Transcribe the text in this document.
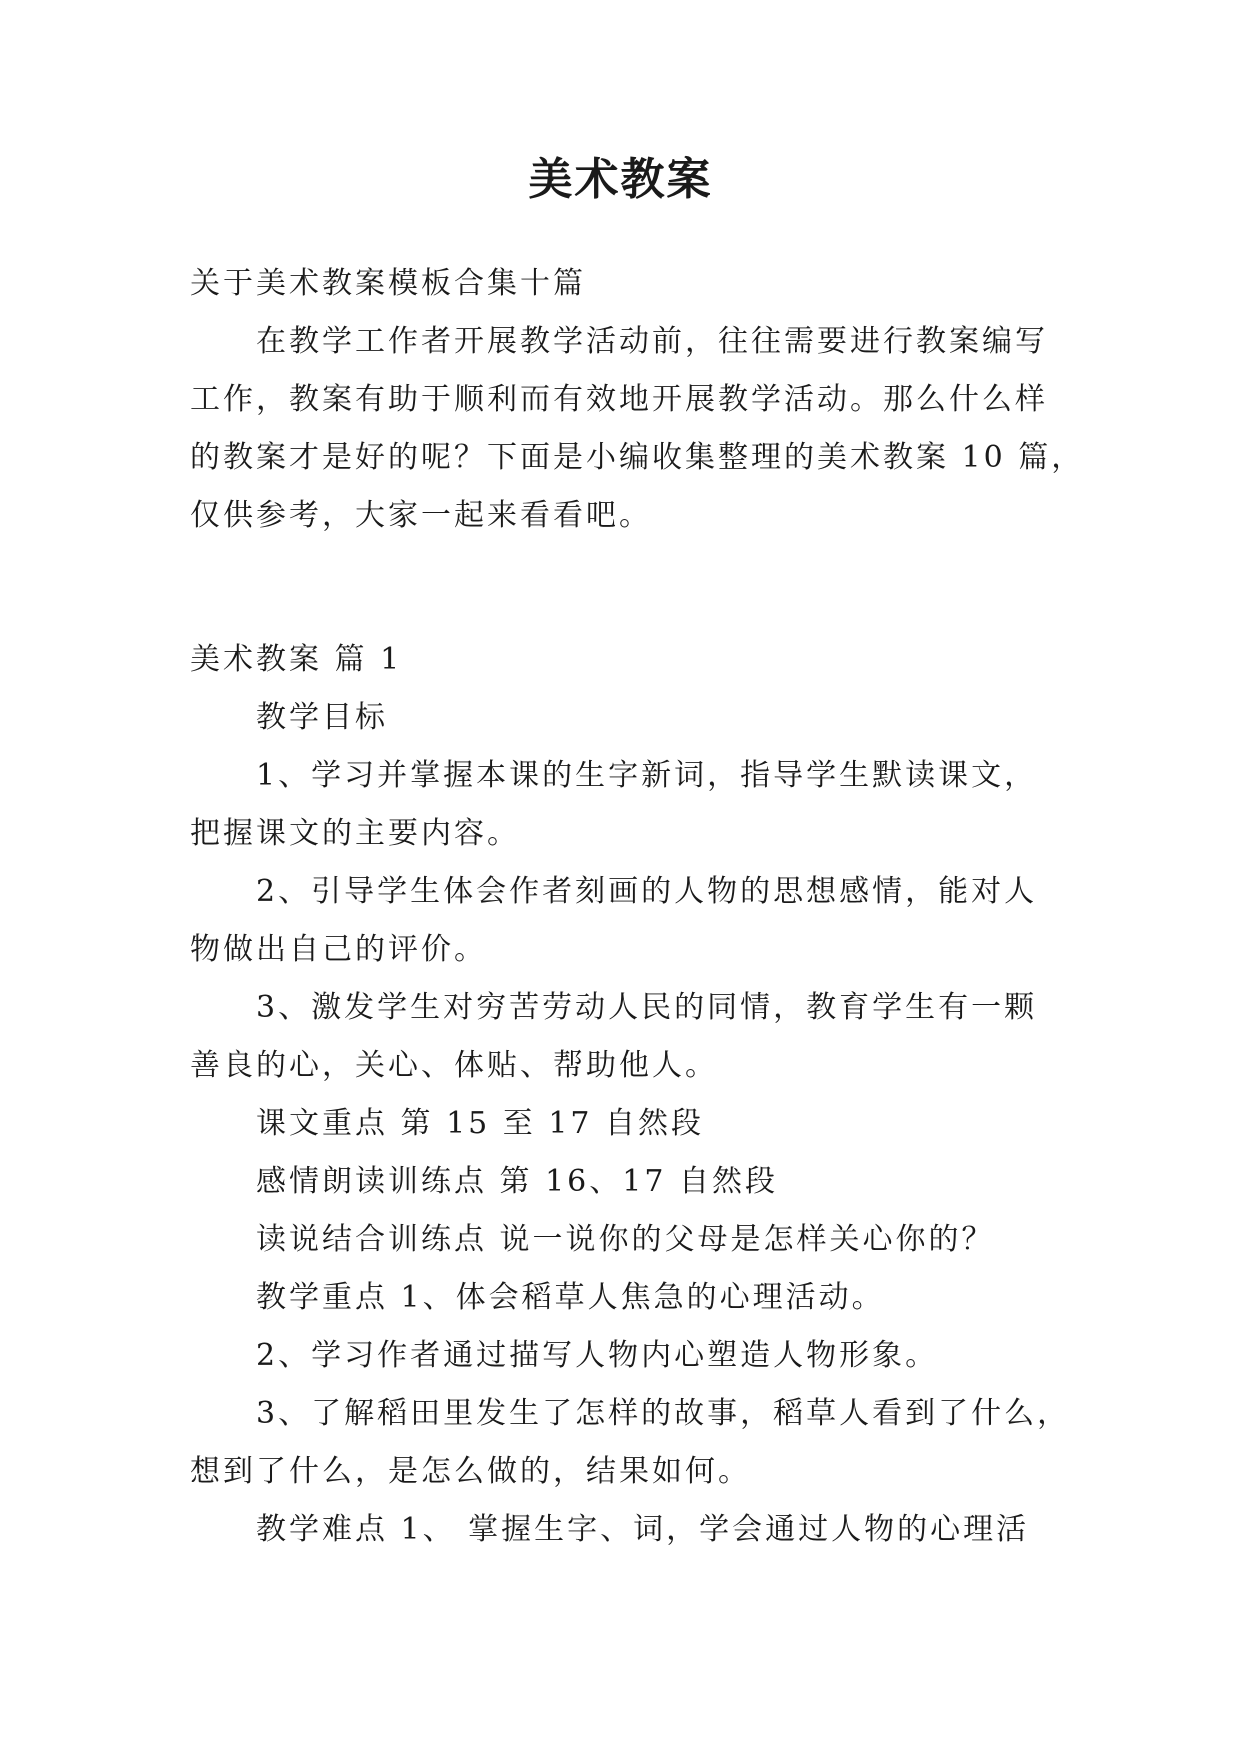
美术教案
关于美术教案模板合集十篇
在教学工作者开展教学活动前，往往需要进行教案编写
工作，教案有助于顺利而有效地开展教学活动。那么什么样
的教案才是好的呢？下面是小编收集整理的美术教案 10 篇，
仅供参考，大家一起来看看吧。
美术教案 篇 1
教学目标
1、学习并掌握本课的生字新词，指导学生默读课文，
把握课文的主要内容。
2、引导学生体会作者刻画的人物的思想感情，能对人
物做出自己的评价。
3、激发学生对穷苦劳动人民的同情，教育学生有一颗
善良的心，关心、体贴、帮助他人。
课文重点 第 15 至 17 自然段
感情朗读训练点 第 16、17 自然段
读说结合训练点 说一说你的父母是怎样关心你的？
教学重点 1、体会稻草人焦急的心理活动。
2、学习作者通过描写人物内心塑造人物形象。
3、了解稻田里发生了怎样的故事，稻草人看到了什么，
想到了什么，是怎么做的，结果如何。
教学难点 1、 掌握生字、词，学会通过人物的心理活
